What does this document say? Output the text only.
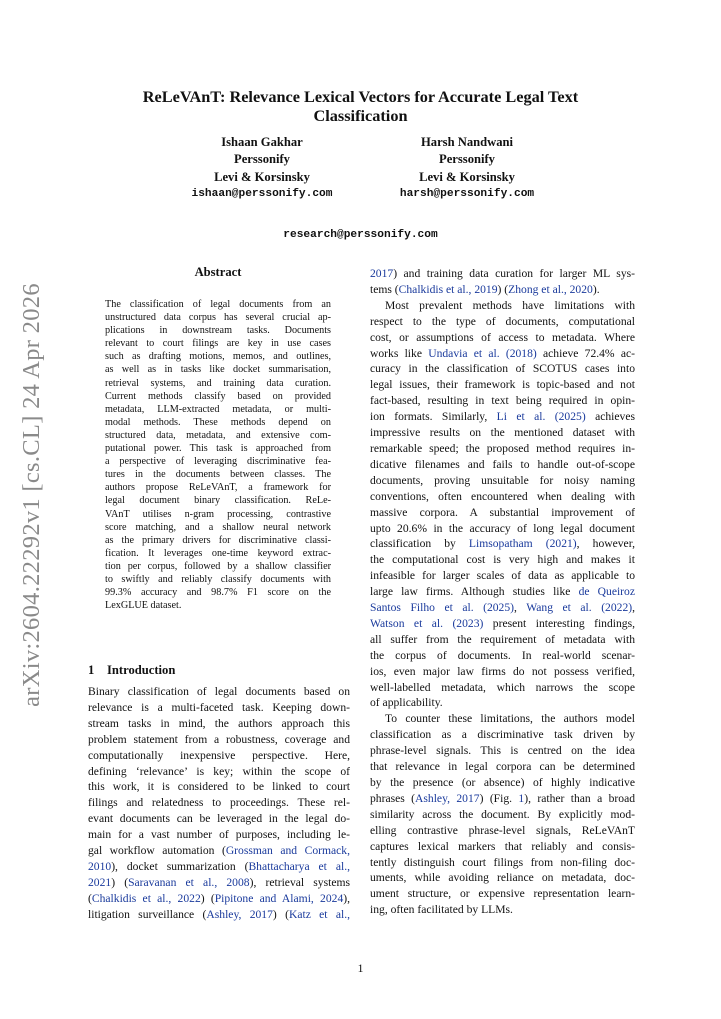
arXiv:2604.22292v1 [cs.CL] 24 Apr 2026
ReLeVAnT: Relevance Lexical Vectors for Accurate Legal Text
Classification
Ishaan Gakhar
Perssonify
Levi & Korsinsky
ishaan@perssonify.com
Harsh Nandwani
Perssonify
Levi & Korsinsky
harsh@perssonify.com
research@perssonify.com
Abstract
The classification of legal documents from an
unstructured data corpus has several crucial ap-
plications in downstream tasks. Documents
relevant to court filings are key in use cases
such as drafting motions, memos, and outlines,
as well as in tasks like docket summarisation,
retrieval systems, and training data curation.
Current methods classify based on provided
metadata, LLM-extracted metadata, or multi-
modal methods. These methods depend on
structured data, metadata, and extensive com-
putational power. This task is approached from
a perspective of leveraging discriminative fea-
tures in the documents between classes. The
authors propose ReLeVAnT, a framework for
legal document binary classification. ReLe-
VAnT utilises n-gram processing, contrastive
score matching, and a shallow neural network
as the primary drivers for discriminative classi-
fication. It leverages one-time keyword extrac-
tion per corpus, followed by a shallow classifier
to swiftly and reliably classify documents with
99.3% accuracy and 98.7% F1 score on the
LexGLUE dataset.
1 Introduction
Binary classification of legal documents based on
relevance is a multi-faceted task. Keeping down-
stream tasks in mind, the authors approach this
problem statement from a robustness, coverage and
computationally inexpensive perspective. Here,
defining ‘relevance’ is key; within the scope of
this work, it is considered to be linked to court
filings and relatedness to proceedings. These rel-
evant documents can be leveraged in the legal do-
main for a vast number of purposes, including le-
gal workflow automation (Grossman and Cormack,
2010), docket summarization (Bhattacharya et al.,
2021) (Saravanan et al., 2008), retrieval systems
(Chalkidis et al., 2022) (Pipitone and Alami, 2024),
litigation surveillance (Ashley, 2017) (Katz et al.,
2017) and training data curation for larger ML sys-
tems (Chalkidis et al., 2019) (Zhong et al., 2020).
Most prevalent methods have limitations with
respect to the type of documents, computational
cost, or assumptions of access to metadata. Where
works like Undavia et al. (2018) achieve 72.4% ac-
curacy in the classification of SCOTUS cases into
legal issues, their framework is topic-based and not
fact-based, resulting in text being required in opin-
ion formats. Similarly, Li et al. (2025) achieves
impressive results on the mentioned dataset with
remarkable speed; the proposed method requires in-
dicative filenames and fails to handle out-of-scope
documents, proving unsuitable for noisy naming
conventions, often encountered when dealing with
massive corpora. A substantial improvement of
upto 20.6% in the accuracy of long legal document
classification by Limsopatham (2021), however,
the computational cost is very high and makes it
infeasible for larger scales of data as applicable to
large law firms. Although studies like de Queiroz
Santos Filho et al. (2025), Wang et al. (2022),
Watson et al. (2023) present interesting findings,
all suffer from the requirement of metadata with
the corpus of documents. In real-world scenar-
ios, even major law firms do not possess verified,
well-labelled metadata, which narrows the scope
of applicability.
To counter these limitations, the authors model
classification as a discriminative task driven by
phrase-level signals. This is centred on the idea
that relevance in legal corpora can be determined
by the presence (or absence) of highly indicative
phrases (Ashley, 2017) (Fig. 1), rather than a broad
similarity across the document. By explicitly mod-
elling contrastive phrase-level signals, ReLeVAnT
captures lexical markers that reliably and consis-
tently distinguish court filings from non-filing doc-
uments, while avoiding reliance on metadata, doc-
ument structure, or expensive representation learn-
ing, often facilitated by LLMs.
1
